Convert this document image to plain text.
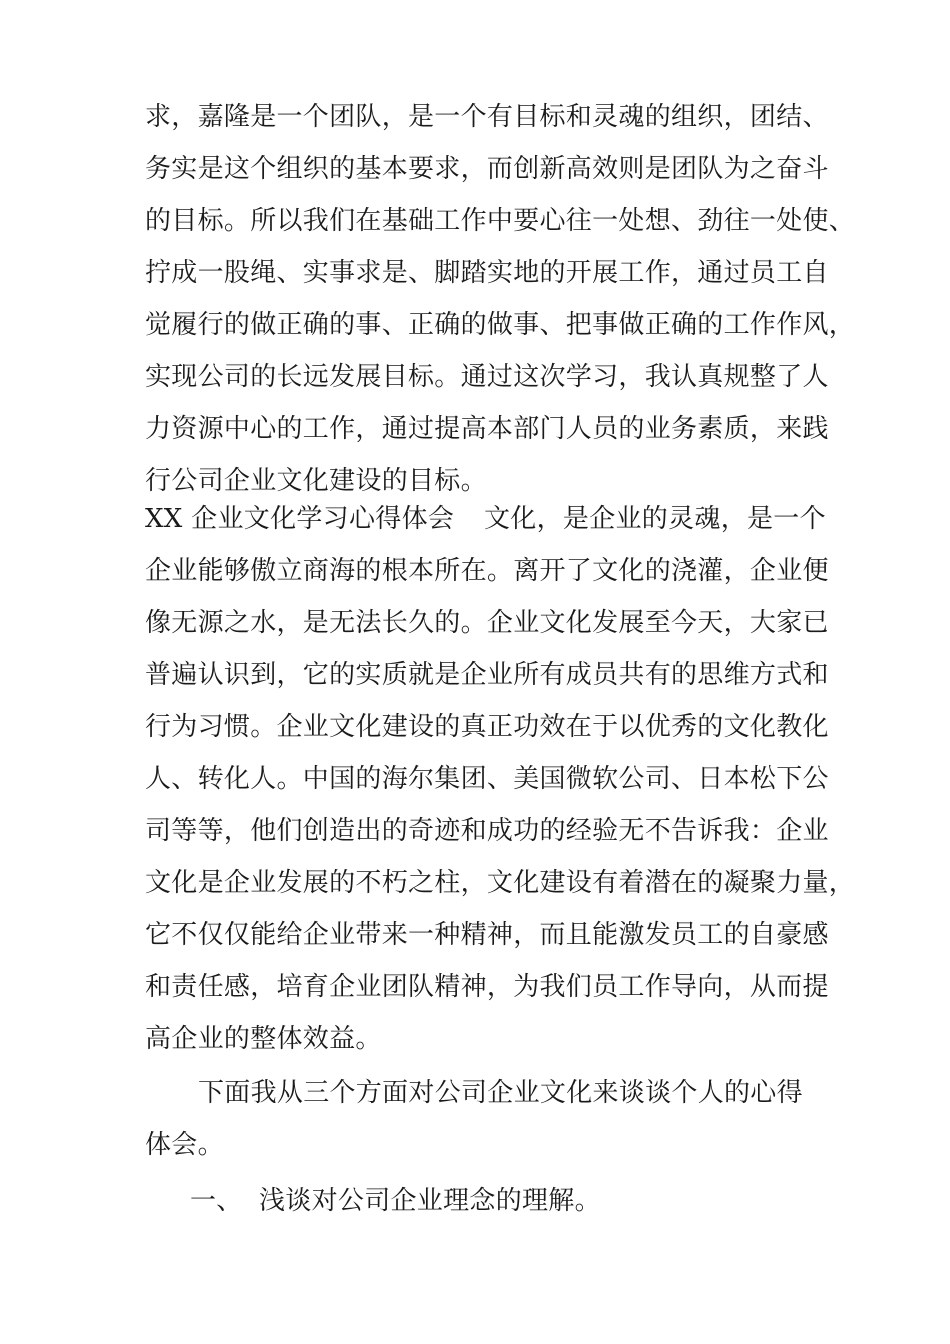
求，嘉隆是一个团队，是一个有目标和灵魂的组织，团结、

务实是这个组织的基本要求，而创新高效则是团队为之奋斗

的目标。所以我们在基础工作中要心往一处想、劲往一处使、

拧成一股绳、实事求是、脚踏实地的开展工作，通过员工自

觉履行的做正确的事、正确的做事、把事做正确的工作作风，

实现公司的长远发展目标。通过这次学习，我认真规整了人

力资源中心的工作，通过提高本部门人员的业务素质，来践

行公司企业文化建设的目标。

XX 企业文化学习心得体会 文化，是企业的灵魂，是一个

企业能够傲立商海的根本所在。离开了文化的浇灌，企业便

像无源之水，是无法长久的。企业文化发展至今天，大家已

普遍认识到，它的实质就是企业所有成员共有的思维方式和

行为习惯。企业文化建设的真正功效在于以优秀的文化教化

人、转化人。中国的海尔集团、美国微软公司、日本松下公

司等等，他们创造出的奇迹和成功的经验无不告诉我：企业

文化是企业发展的不朽之柱，文化建设有着潜在的凝聚力量，

它不仅仅能给企业带来一种精神，而且能激发员工的自豪感

和责任感，培育企业团队精神，为我们员工作导向，从而提

高企业的整体效益。

下面我从三个方面对公司企业文化来谈谈个人的心得

体会。

一、 浅谈对公司企业理念的理解。
